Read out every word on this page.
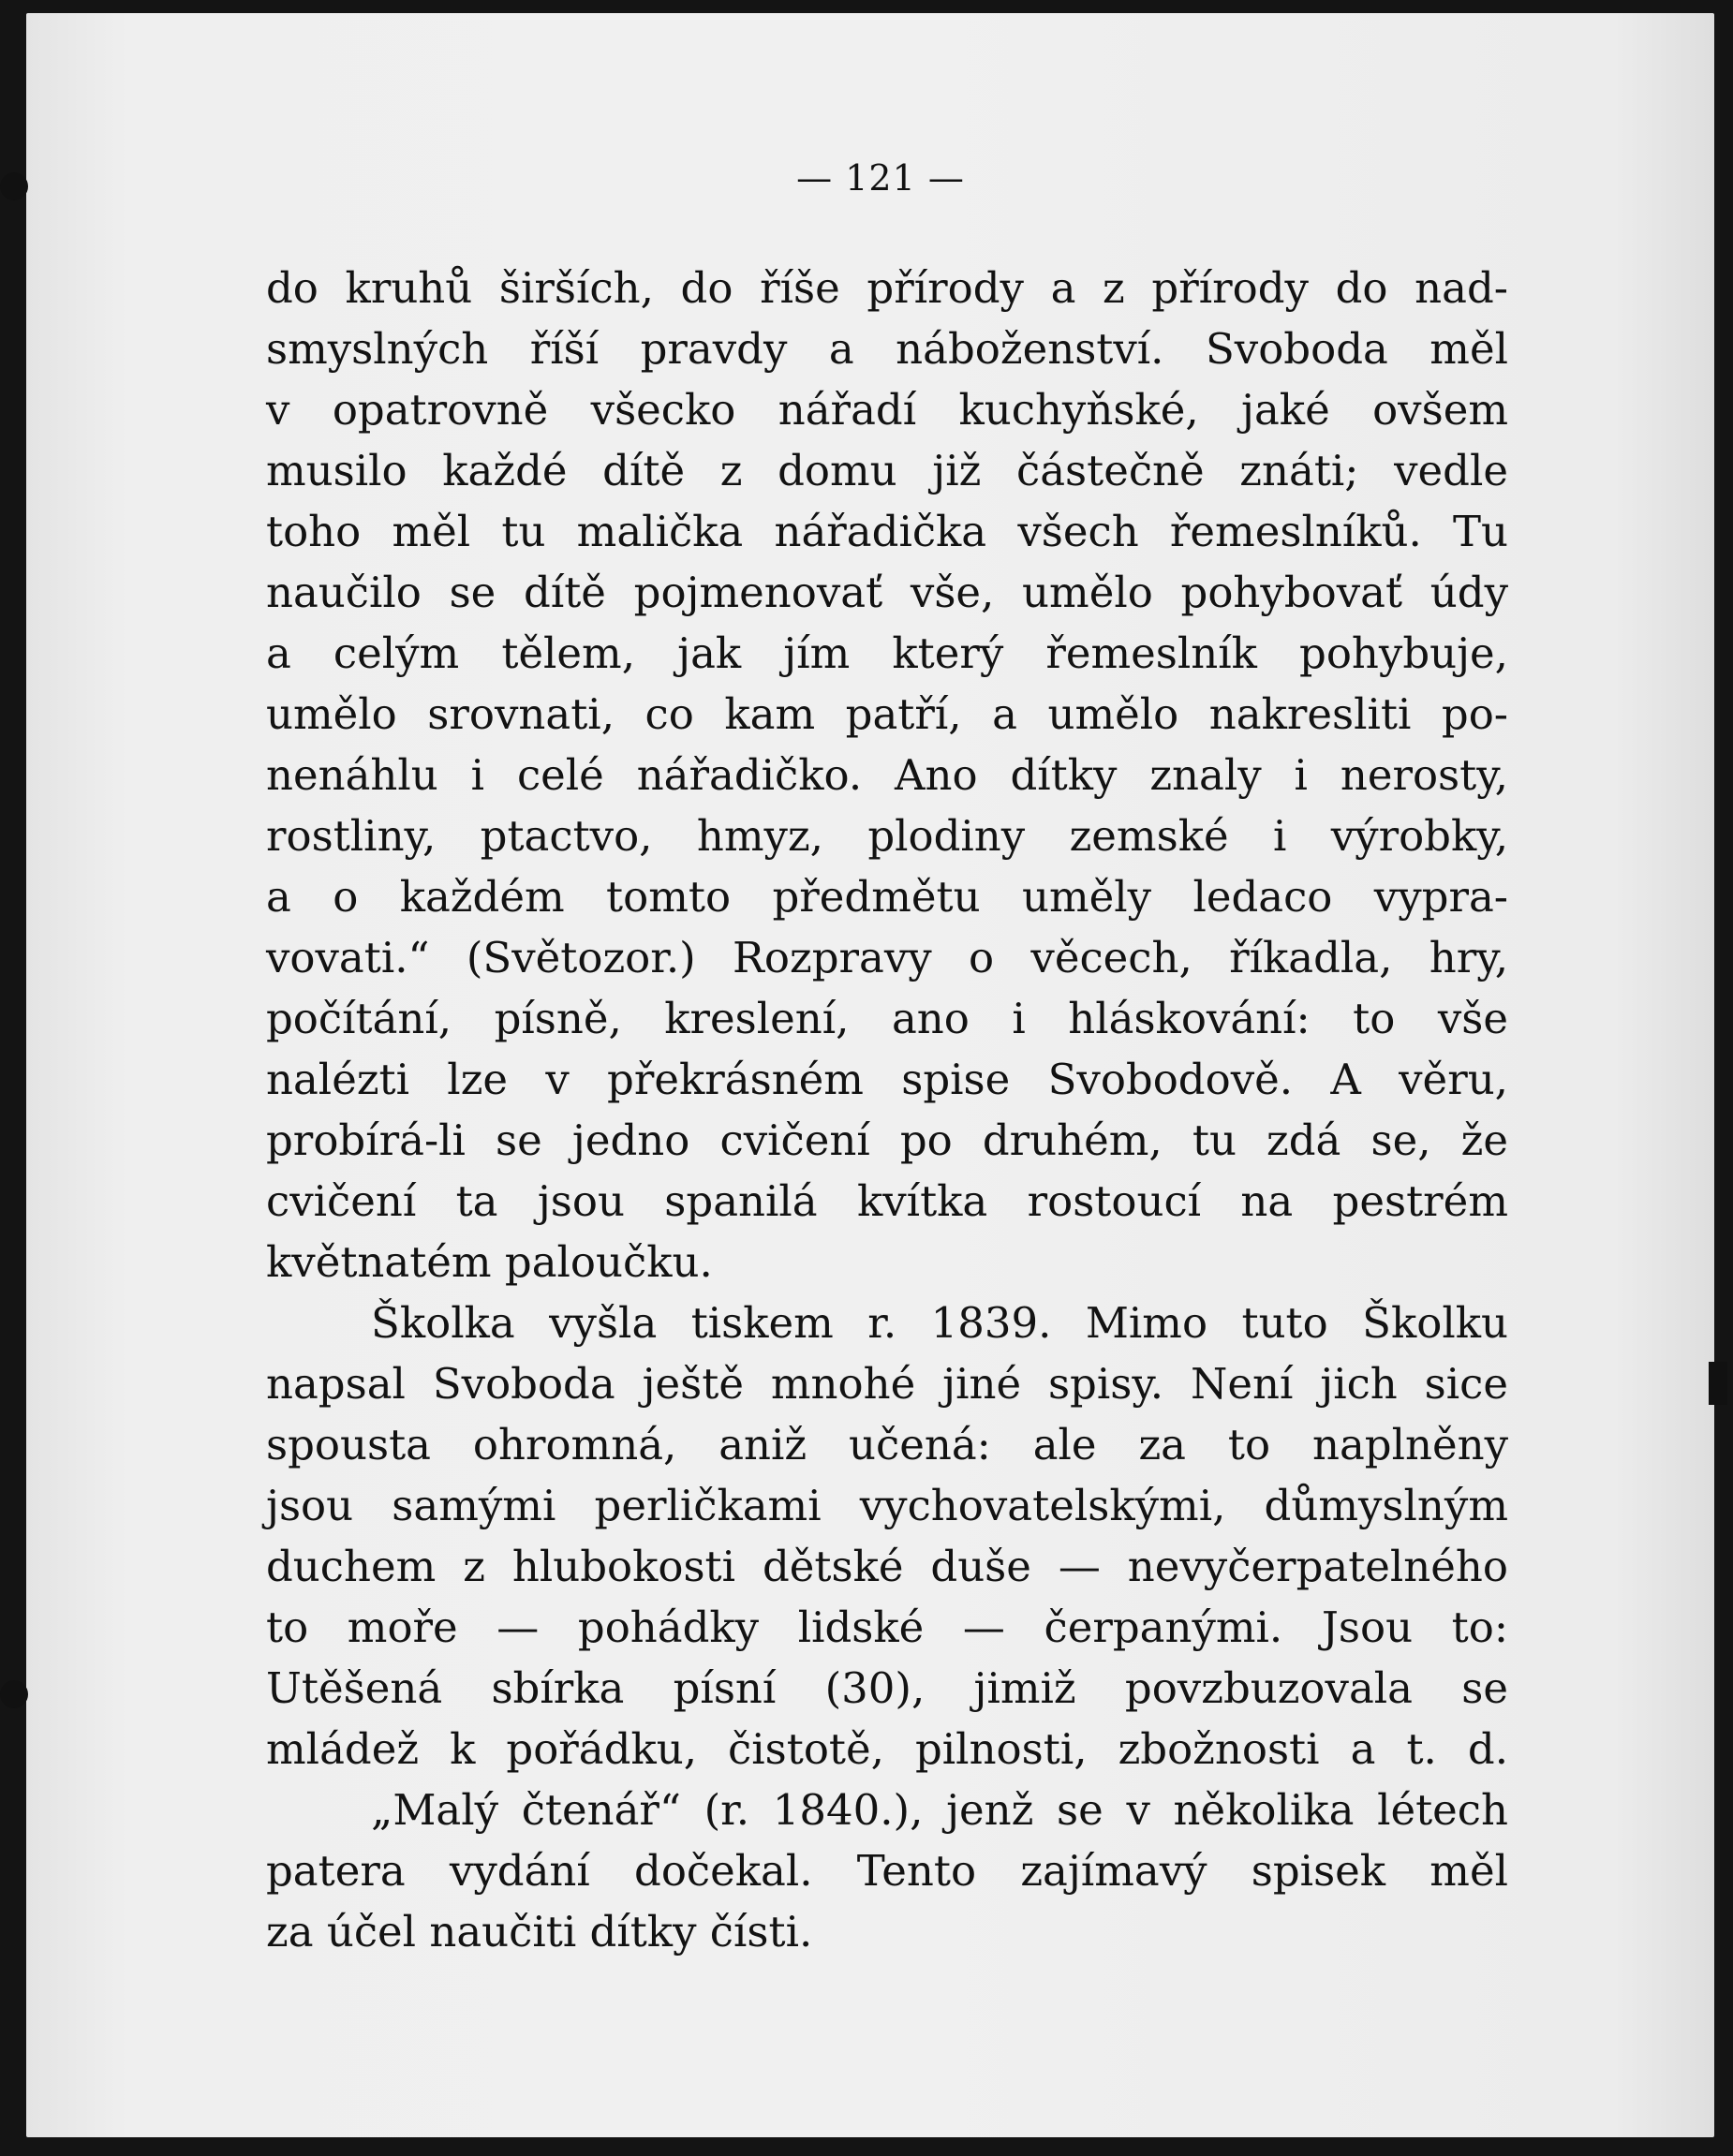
— 121 —
do kruhů širších, do říše přírody a z přírody do nad-
smyslných říší pravdy a náboženství. Svoboda měl
v opatrovně všecko nářadí kuchyňské, jaké ovšem
musilo každé dítě z domu již částečně znáti; vedle
toho měl tu malička nářadička všech řemeslníků. Tu
naučilo se dítě pojmenovať vše, umělo pohybovať údy
a celým tělem, jak jím který řemeslník pohybuje,
umělo srovnati, co kam patří, a umělo nakresliti po-
nenáhlu i celé nářadičko. Ano dítky znaly i nerosty,
rostliny, ptactvo, hmyz, plodiny zemské i výrobky,
a o každém tomto předmětu uměly ledaco vypra-
vovati.“ (Světozor.) Rozpravy o věcech, říkadla, hry,
počítání, písně, kreslení, ano i hláskování: to vše
nalézti lze v překrásném spise Svobodově. A věru,
probírá-li se jedno cvičení po druhém, tu zdá se, že
cvičení ta jsou spanilá kvítka rostoucí na pestrém
květnatém paloučku.
Školka vyšla tiskem r. 1839. Mimo tuto Školku
napsal Svoboda ještě mnohé jiné spisy. Není jich sice
spousta ohromná, aniž učená: ale za to naplněny
jsou samými perličkami vychovatelskými, důmyslným
duchem z hlubokosti dětské duše — nevyčerpatelného
to moře — pohádky lidské — čerpanými. Jsou to:
Utěšená sbírka písní (30), jimiž povzbuzovala se
mládež k pořádku, čistotě, pilnosti, zbožnosti a t. d.
„Malý čtenář“ (r. 1840.), jenž se v několika létech
patera vydání dočekal. Tento zajímavý spisek měl
za účel naučiti dítky čísti.
